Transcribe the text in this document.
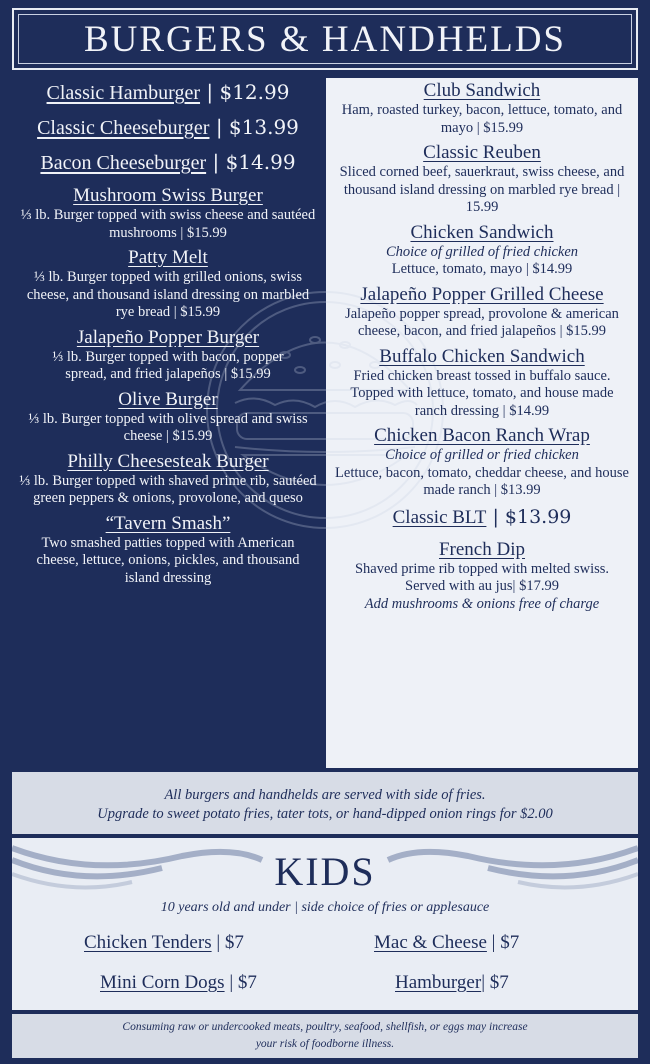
BURGERS & HANDHELDS
Classic Hamburger | $12.99
Classic Cheeseburger | $13.99
Bacon Cheeseburger | $14.99
Mushroom Swiss Burger
⅓ lb. Burger topped with swiss cheese and sautéed mushrooms | $15.99
Patty Melt
⅓ lb. Burger topped with grilled onions, swiss cheese, and thousand island dressing on marbled rye bread | $15.99
Jalapeño Popper Burger
⅓ lb. Burger topped with bacon, popper spread, and fried jalapeños | $15.99
Olive Burger
⅓ lb. Burger topped with olive spread and swiss cheese | $15.99
Philly Cheesesteak Burger
⅓ lb. Burger topped with shaved prime rib, sautéed green peppers & onions, provolone, and queso
“Tavern Smash”
Two smashed patties topped with American cheese, lettuce, onions, pickles, and thousand island dressing
Club Sandwich
Ham, roasted turkey, bacon, lettuce, tomato, and mayo | $15.99
Classic Reuben
Sliced corned beef, sauerkraut, swiss cheese, and thousand island dressing on marbled rye bread | 15.99
Chicken Sandwich
Choice of grilled of fried chicken
Lettuce, tomato, mayo | $14.99
Jalapeño Popper Grilled Cheese
Jalapeño popper spread, provolone & american cheese, bacon, and fried jalapeños | $15.99
Buffalo Chicken Sandwich
Fried chicken breast tossed in buffalo sauce. Topped with lettuce, tomato, and house made ranch dressing | $14.99
Chicken Bacon Ranch Wrap
Choice of grilled or fried chicken
Lettuce, bacon, tomato, cheddar cheese, and house made ranch | $13.99
Classic BLT | $13.99
French Dip
Shaved prime rib topped with melted swiss. Served with au jus| $17.99
Add mushrooms & onions free of charge

All burgers and handhelds are served with side of fries.

Upgrade to sweet potato fries, tater tots, or hand-dipped onion rings for $2.00

KIDS

10 years old and under | side choice of fries or applesauce

Chicken Tenders | $7	Mac & Cheese | $7
Mini Corn Dogs | $7	Hamburger| $7

Consuming raw or undercooked meats, poultry, seafood, shellfish, or eggs may increase

your risk of foodborne illness.
